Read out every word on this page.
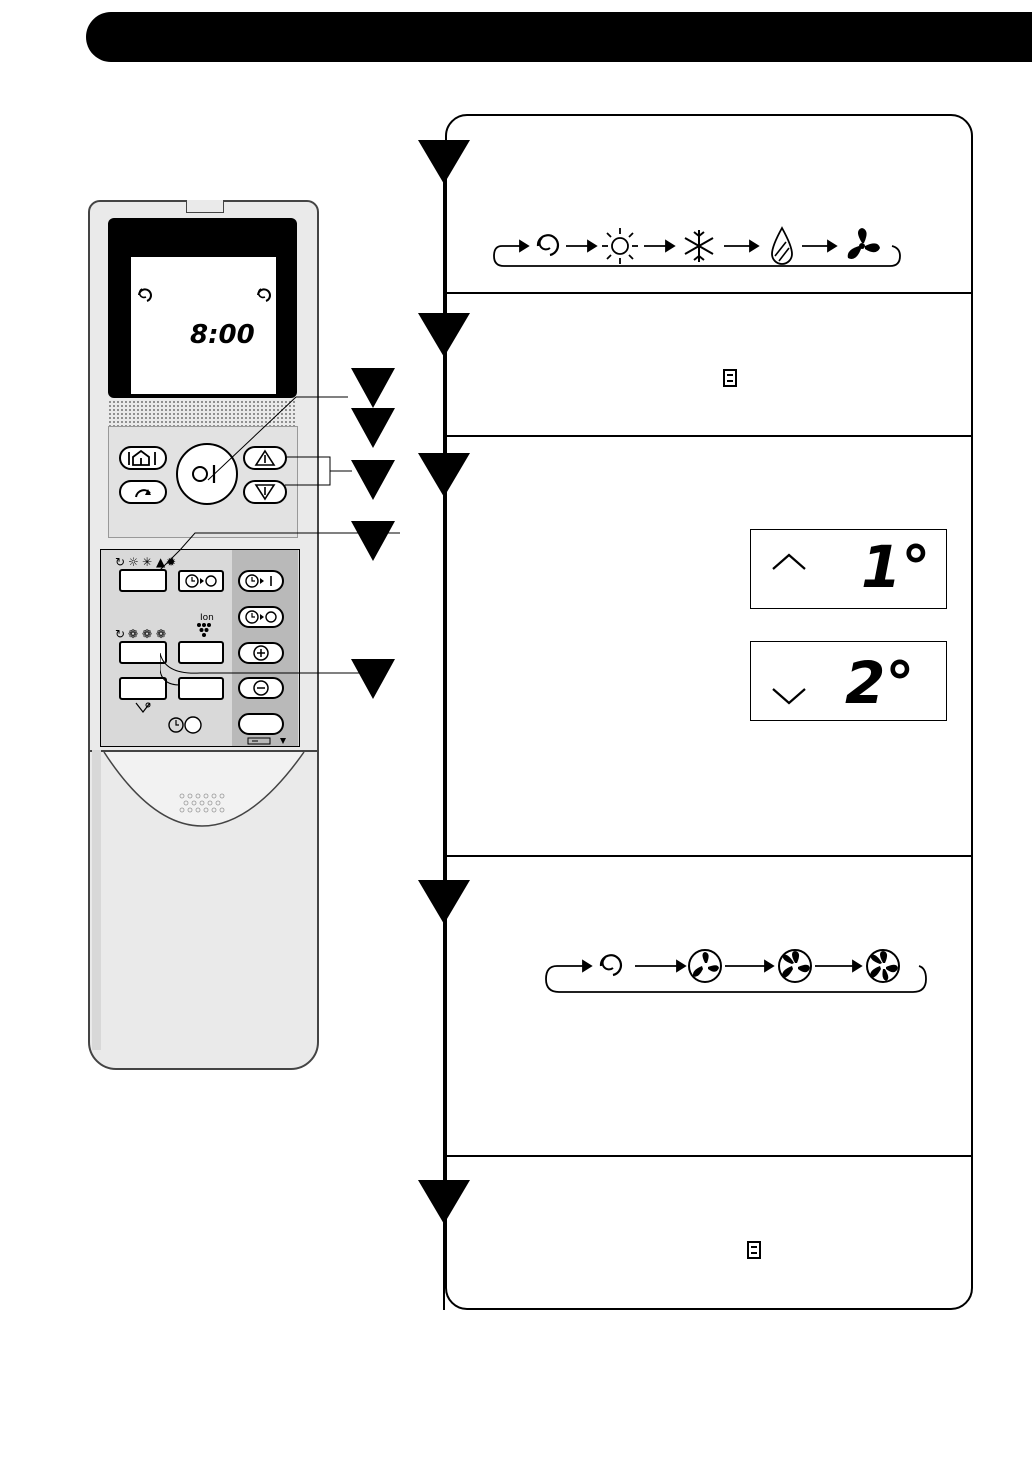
8:00
↻ ☼ ✳ ▲ ✹
↻ ❁ ❁ ❁
Ion
1°
2°
